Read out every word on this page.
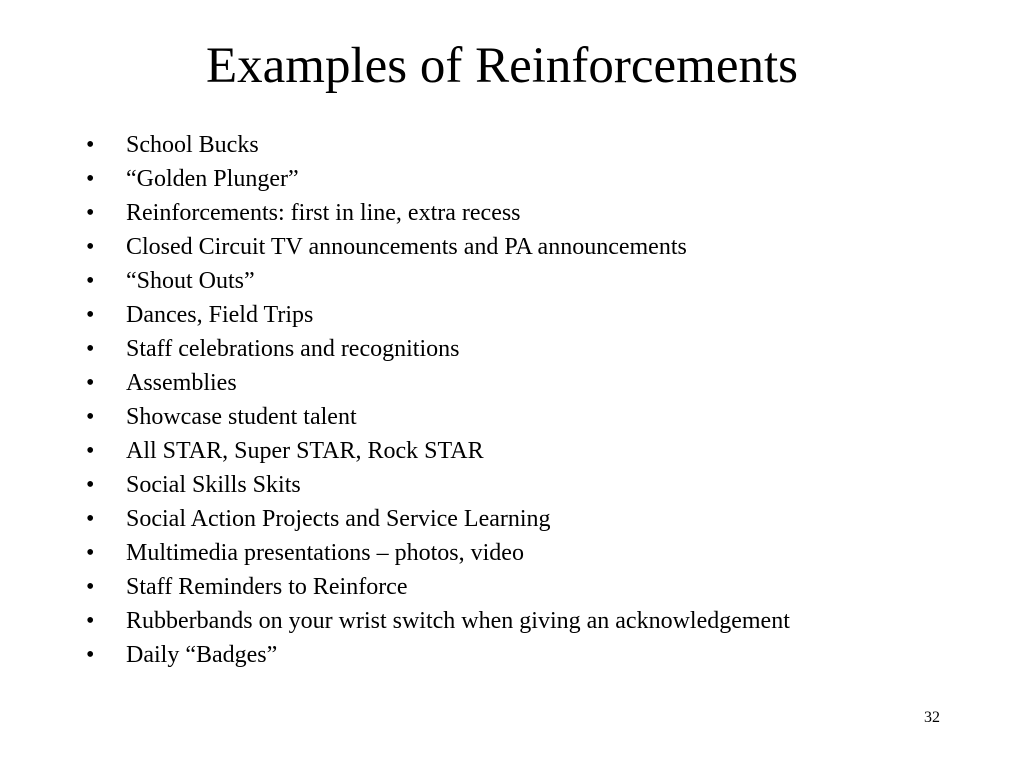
Examples of Reinforcements
• School Bucks
• “Golden Plunger”
• Reinforcements: first in line, extra recess
• Closed Circuit TV announcements and PA announcements
• “Shout Outs”
• Dances, Field Trips
• Staff celebrations and recognitions
• Assemblies
• Showcase student talent
• All STAR, Super STAR, Rock STAR
• Social Skills Skits
• Social Action Projects and Service Learning
• Multimedia presentations – photos, video
• Staff Reminders to Reinforce
• Rubberbands on your wrist switch when giving an acknowledgement
• Daily “Badges”
32
